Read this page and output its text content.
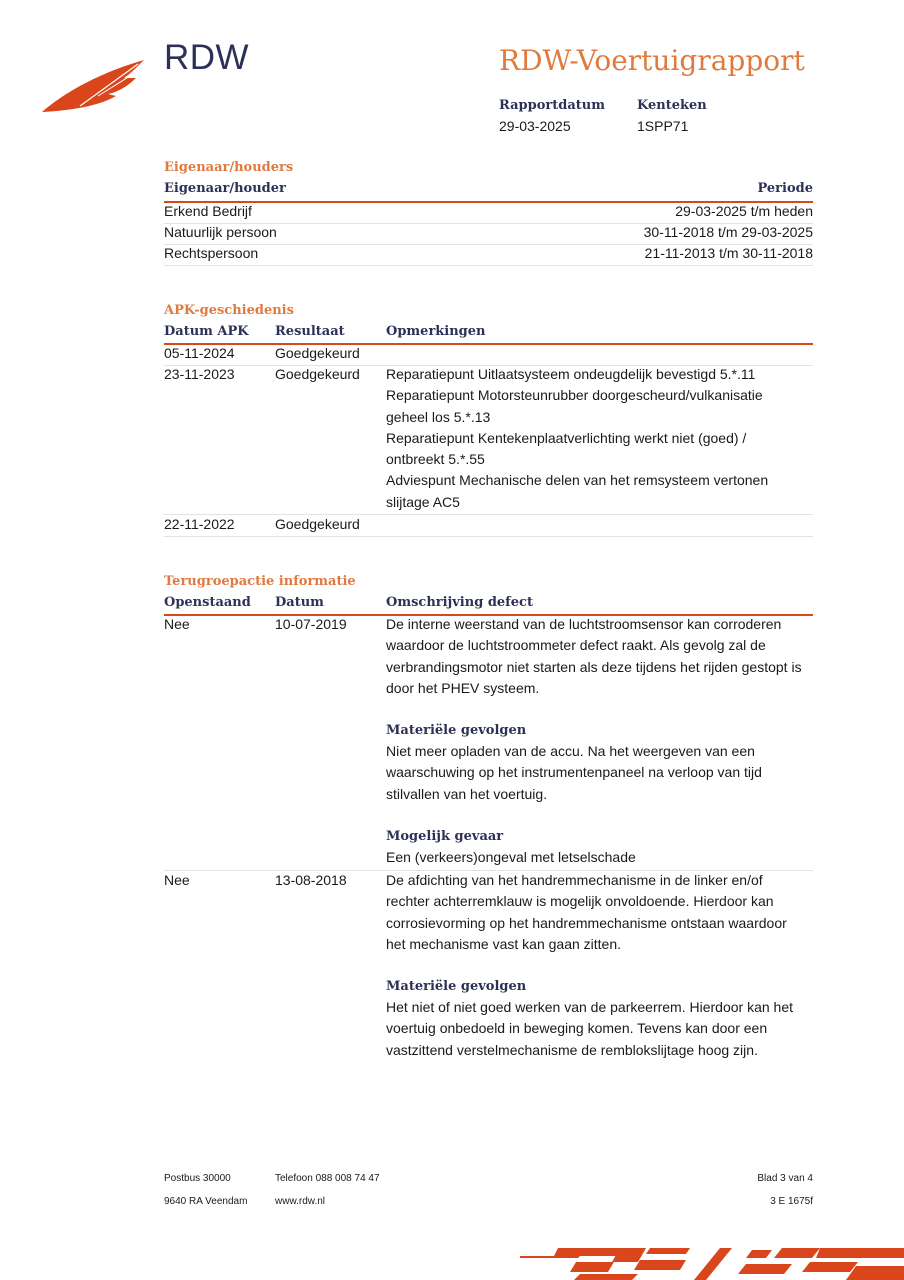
RDW	RDW-Voertuigrapport
Rapportdatum
29-03-2025
Kenteken
1SPP71
Eigenaar/houders
Eigenaar/houder	Periode
Erkend Bedrijf	29-03-2025 t/m heden
Natuurlijk persoon	30-11-2018 t/m 29-03-2025
Rechtspersoon	21-11-2013 t/m 30-11-2018
APK-geschiedenis
Datum APK Resultaat	Opmerkingen
05-11-2024	Goedgekeurd
23-11-2023	Goedgekeurd Reparatiepunt Uitlaatsysteem ondeugdelijk bevestigd 5.*.11

Reparatiepunt Motorsteunrubber doorgescheurd/vulkanisatie geheel los 5.*.13

Reparatiepunt Kentekenplaatverlichting werkt niet (goed) / ontbreekt 5.*.55

Adviespunt Mechanische delen van het remsysteem vertonen slijtage AC5

22-11-2022	Goedgekeurd
Terugroepactie informatie
Openstaand Datum	Omschrijving defect
Nee	10-07-2019	De interne weerstand van de luchtstroomsensor kan corroderen waardoor de luchtstroommeter defect raakt. Als gevolg zal de verbrandingsmotor niet starten als deze tijdens het rijden gestopt is door het PHEV systeem.

Materiële gevolgen

Niet meer opladen van de accu. Na het weergeven van een waarschuwing op het instrumentenpaneel na verloop van tijd stilvallen van het voertuig.

Mogelijk gevaar

Een (verkeers)ongeval met letselschade

Nee	13-08-2018	De afdichting van het handremmechanisme in de linker en/of rechter achterremklauw is mogelijk onvoldoende. Hierdoor kan corrosievorming op het handremmechanisme ontstaan waardoor het mechanisme vast kan gaan zitten.

Materiële gevolgen

Het niet of niet goed werken van de parkeerrem. Hierdoor kan het voertuig onbedoeld in beweging komen. Tevens kan door een vastzittend verstelmechanisme de remblokslijtage hoog zijn.

Postbus 30000
9640 RA Veendam
Telefoon 088 008 74 47
www.rdw.nl
Blad 3 van 4
3 E 1675f
